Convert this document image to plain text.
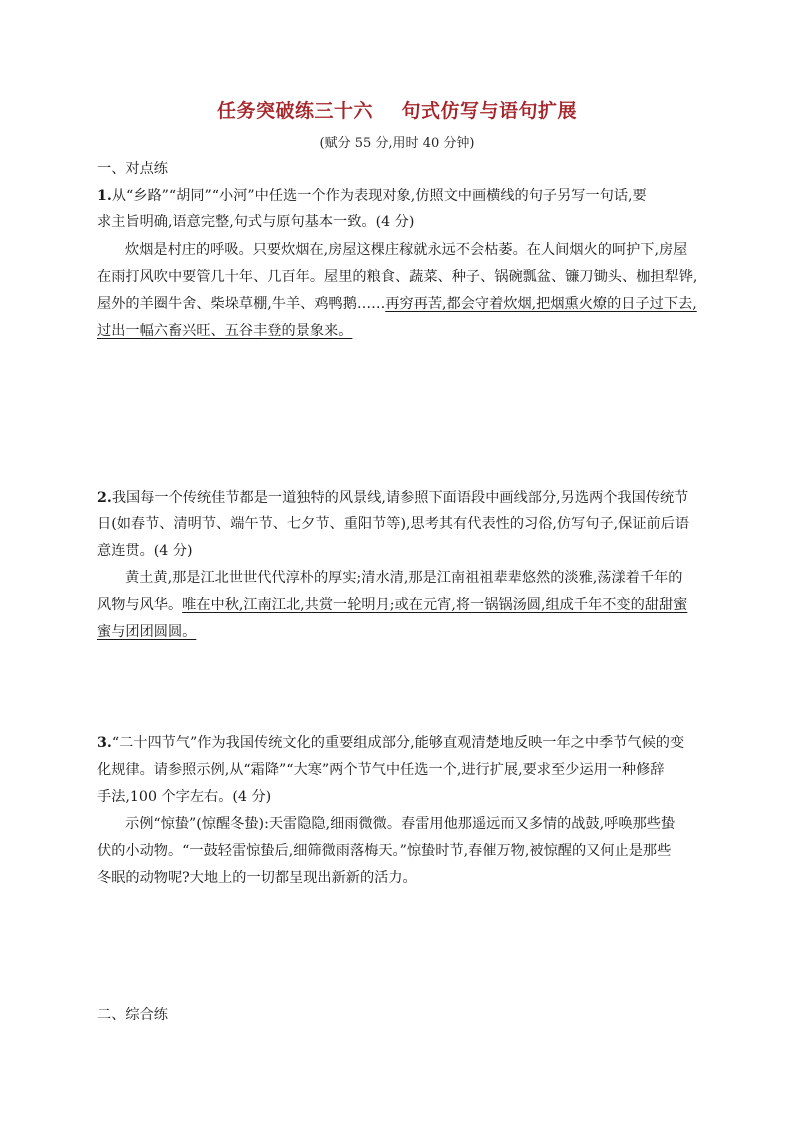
任务突破练三十六    句式仿写与语句扩展
(赋分 55 分,用时 40 分钟)
一、对点练
1.从“乡路”“胡同”“小河”中任选一个作为表现对象,仿照文中画横线的句子另写一句话,要
求主旨明确,语意完整,句式与原句基本一致。(4 分)
炊烟是村庄的呼吸。只要炊烟在,房屋这棵庄稼就永远不会枯萎。在人间烟火的呵护下,房屋
在雨打风吹中要管几十年、几百年。屋里的粮食、蔬菜、种子、锅碗瓢盆、镰刀锄头、枷担犁铧,
屋外的羊圈牛舍、柴垛草棚,牛羊、鸡鸭鹅……再穷再苦,都会守着炊烟,把烟熏火燎的日子过下去,
过出一幅六畜兴旺、五谷丰登的景象来。
2.我国每一个传统佳节都是一道独特的风景线,请参照下面语段中画线部分,另选两个我国传统节
日(如春节、清明节、端午节、七夕节、重阳节等),思考其有代表性的习俗,仿写句子,保证前后语
意连贯。(4 分)
黄土黄,那是江北世世代代淳朴的厚实;清水清,那是江南祖祖辈辈悠然的淡雅,荡漾着千年的
风物与风华。唯在中秋,江南江北,共赏一轮明月;或在元宵,将一锅锅汤圆,组成千年不变的甜甜蜜
蜜与团团圆圆。
3.“二十四节气”作为我国传统文化的重要组成部分,能够直观清楚地反映一年之中季节气候的变
化规律。请参照示例,从“霜降”“大寒”两个节气中任选一个,进行扩展,要求至少运用一种修辞
手法,100 个字左右。(4 分)
示例“惊蛰”(惊醒冬蛰):天雷隐隐,细雨微微。春雷用他那遥远而又多情的战鼓,呼唤那些蛰
伏的小动物。“一鼓轻雷惊蛰后,细筛微雨落梅天。”惊蛰时节,春催万物,被惊醒的又何止是那些
冬眠的动物呢?大地上的一切都呈现出新新的活力。
二、综合练
